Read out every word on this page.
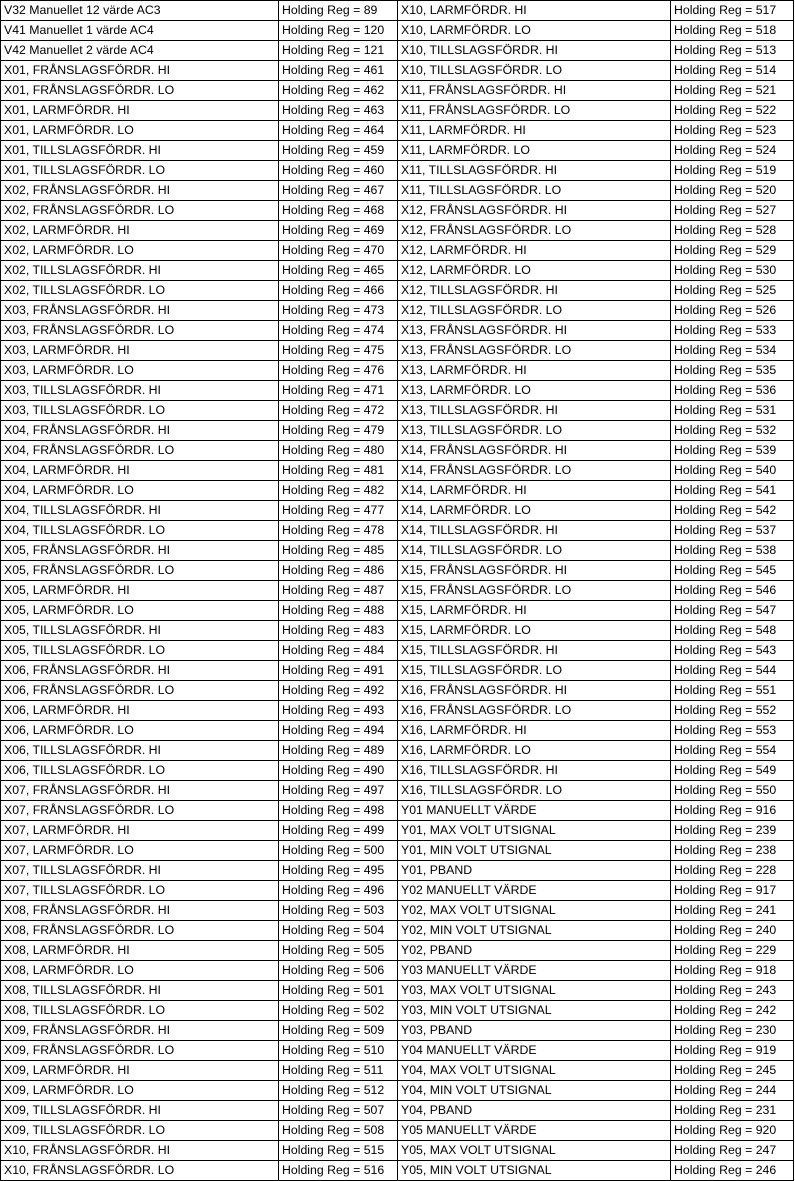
V32 Manuellet 12 värde AC3	Holding Reg = 89	X10, LARMFÖRDR. HI	Holding Reg = 517
V41 Manuellet 1 värde AC4	Holding Reg = 120	X10, LARMFÖRDR. LO	Holding Reg = 518
V42 Manuellet 2 värde AC4	Holding Reg = 121	X10, TILLSLAGSFÖRDR. HI	Holding Reg = 513
X01, FRÅNSLAGSFÖRDR. HI	Holding Reg = 461	X10, TILLSLAGSFÖRDR. LO	Holding Reg = 514
X01, FRÅNSLAGSFÖRDR. LO	Holding Reg = 462	X11, FRÅNSLAGSFÖRDR. HI	Holding Reg = 521
X01, LARMFÖRDR. HI	Holding Reg = 463	X11, FRÅNSLAGSFÖRDR. LO	Holding Reg = 522
X01, LARMFÖRDR. LO	Holding Reg = 464	X11, LARMFÖRDR. HI	Holding Reg = 523
X01, TILLSLAGSFÖRDR. HI	Holding Reg = 459	X11, LARMFÖRDR. LO	Holding Reg = 524
X01, TILLSLAGSFÖRDR. LO	Holding Reg = 460	X11, TILLSLAGSFÖRDR. HI	Holding Reg = 519
X02, FRÅNSLAGSFÖRDR. HI	Holding Reg = 467	X11, TILLSLAGSFÖRDR. LO	Holding Reg = 520
X02, FRÅNSLAGSFÖRDR. LO	Holding Reg = 468	X12, FRÅNSLAGSFÖRDR. HI	Holding Reg = 527
X02, LARMFÖRDR. HI	Holding Reg = 469	X12, FRÅNSLAGSFÖRDR. LO	Holding Reg = 528
X02, LARMFÖRDR. LO	Holding Reg = 470	X12, LARMFÖRDR. HI	Holding Reg = 529
X02, TILLSLAGSFÖRDR. HI	Holding Reg = 465	X12, LARMFÖRDR. LO	Holding Reg = 530
X02, TILLSLAGSFÖRDR. LO	Holding Reg = 466	X12, TILLSLAGSFÖRDR. HI	Holding Reg = 525
X03, FRÅNSLAGSFÖRDR. HI	Holding Reg = 473	X12, TILLSLAGSFÖRDR. LO	Holding Reg = 526
X03, FRÅNSLAGSFÖRDR. LO	Holding Reg = 474	X13, FRÅNSLAGSFÖRDR. HI	Holding Reg = 533
X03, LARMFÖRDR. HI	Holding Reg = 475	X13, FRÅNSLAGSFÖRDR. LO	Holding Reg = 534
X03, LARMFÖRDR. LO	Holding Reg = 476	X13, LARMFÖRDR. HI	Holding Reg = 535
X03, TILLSLAGSFÖRDR. HI	Holding Reg = 471	X13, LARMFÖRDR. LO	Holding Reg = 536
X03, TILLSLAGSFÖRDR. LO	Holding Reg = 472	X13, TILLSLAGSFÖRDR. HI	Holding Reg = 531
X04, FRÅNSLAGSFÖRDR. HI	Holding Reg = 479	X13, TILLSLAGSFÖRDR. LO	Holding Reg = 532
X04, FRÅNSLAGSFÖRDR. LO	Holding Reg = 480	X14, FRÅNSLAGSFÖRDR. HI	Holding Reg = 539
X04, LARMFÖRDR. HI	Holding Reg = 481	X14, FRÅNSLAGSFÖRDR. LO	Holding Reg = 540
X04, LARMFÖRDR. LO	Holding Reg = 482	X14, LARMFÖRDR. HI	Holding Reg = 541
X04, TILLSLAGSFÖRDR. HI	Holding Reg = 477	X14, LARMFÖRDR. LO	Holding Reg = 542
X04, TILLSLAGSFÖRDR. LO	Holding Reg = 478	X14, TILLSLAGSFÖRDR. HI	Holding Reg = 537
X05, FRÅNSLAGSFÖRDR. HI	Holding Reg = 485	X14, TILLSLAGSFÖRDR. LO	Holding Reg = 538
X05, FRÅNSLAGSFÖRDR. LO	Holding Reg = 486	X15, FRÅNSLAGSFÖRDR. HI	Holding Reg = 545
X05, LARMFÖRDR. HI	Holding Reg = 487	X15, FRÅNSLAGSFÖRDR. LO	Holding Reg = 546
X05, LARMFÖRDR. LO	Holding Reg = 488	X15, LARMFÖRDR. HI	Holding Reg = 547
X05, TILLSLAGSFÖRDR. HI	Holding Reg = 483	X15, LARMFÖRDR. LO	Holding Reg = 548
X05, TILLSLAGSFÖRDR. LO	Holding Reg = 484	X15, TILLSLAGSFÖRDR. HI	Holding Reg = 543
X06, FRÅNSLAGSFÖRDR. HI	Holding Reg = 491	X15, TILLSLAGSFÖRDR. LO	Holding Reg = 544
X06, FRÅNSLAGSFÖRDR. LO	Holding Reg = 492	X16, FRÅNSLAGSFÖRDR. HI	Holding Reg = 551
X06, LARMFÖRDR. HI	Holding Reg = 493	X16, FRÅNSLAGSFÖRDR. LO	Holding Reg = 552
X06, LARMFÖRDR. LO	Holding Reg = 494	X16, LARMFÖRDR. HI	Holding Reg = 553
X06, TILLSLAGSFÖRDR. HI	Holding Reg = 489	X16, LARMFÖRDR. LO	Holding Reg = 554
X06, TILLSLAGSFÖRDR. LO	Holding Reg = 490	X16, TILLSLAGSFÖRDR. HI	Holding Reg = 549
X07, FRÅNSLAGSFÖRDR. HI	Holding Reg = 497	X16, TILLSLAGSFÖRDR. LO	Holding Reg = 550
X07, FRÅNSLAGSFÖRDR. LO	Holding Reg = 498	Y01 MANUELLT VÄRDE	Holding Reg = 916
X07, LARMFÖRDR. HI	Holding Reg = 499	Y01, MAX VOLT UTSIGNAL	Holding Reg = 239
X07, LARMFÖRDR. LO	Holding Reg = 500	Y01, MIN VOLT UTSIGNAL	Holding Reg = 238
X07, TILLSLAGSFÖRDR. HI	Holding Reg = 495	Y01, PBAND	Holding Reg = 228
X07, TILLSLAGSFÖRDR. LO	Holding Reg = 496	Y02 MANUELLT VÄRDE	Holding Reg = 917
X08, FRÅNSLAGSFÖRDR. HI	Holding Reg = 503	Y02, MAX VOLT UTSIGNAL	Holding Reg = 241
X08, FRÅNSLAGSFÖRDR. LO	Holding Reg = 504	Y02, MIN VOLT UTSIGNAL	Holding Reg = 240
X08, LARMFÖRDR. HI	Holding Reg = 505	Y02, PBAND	Holding Reg = 229
X08, LARMFÖRDR. LO	Holding Reg = 506	Y03 MANUELLT VÄRDE	Holding Reg = 918
X08, TILLSLAGSFÖRDR. HI	Holding Reg = 501	Y03, MAX VOLT UTSIGNAL	Holding Reg = 243
X08, TILLSLAGSFÖRDR. LO	Holding Reg = 502	Y03, MIN VOLT UTSIGNAL	Holding Reg = 242
X09, FRÅNSLAGSFÖRDR. HI	Holding Reg = 509	Y03, PBAND	Holding Reg = 230
X09, FRÅNSLAGSFÖRDR. LO	Holding Reg = 510	Y04 MANUELLT VÄRDE	Holding Reg = 919
X09, LARMFÖRDR. HI	Holding Reg = 511	Y04, MAX VOLT UTSIGNAL	Holding Reg = 245
X09, LARMFÖRDR. LO	Holding Reg = 512	Y04, MIN VOLT UTSIGNAL	Holding Reg = 244
X09, TILLSLAGSFÖRDR. HI	Holding Reg = 507	Y04, PBAND	Holding Reg = 231
X09, TILLSLAGSFÖRDR. LO	Holding Reg = 508	Y05 MANUELLT VÄRDE	Holding Reg = 920
X10, FRÅNSLAGSFÖRDR. HI	Holding Reg = 515	Y05, MAX VOLT UTSIGNAL	Holding Reg = 247
X10, FRÅNSLAGSFÖRDR. LO	Holding Reg = 516	Y05, MIN VOLT UTSIGNAL	Holding Reg = 246
